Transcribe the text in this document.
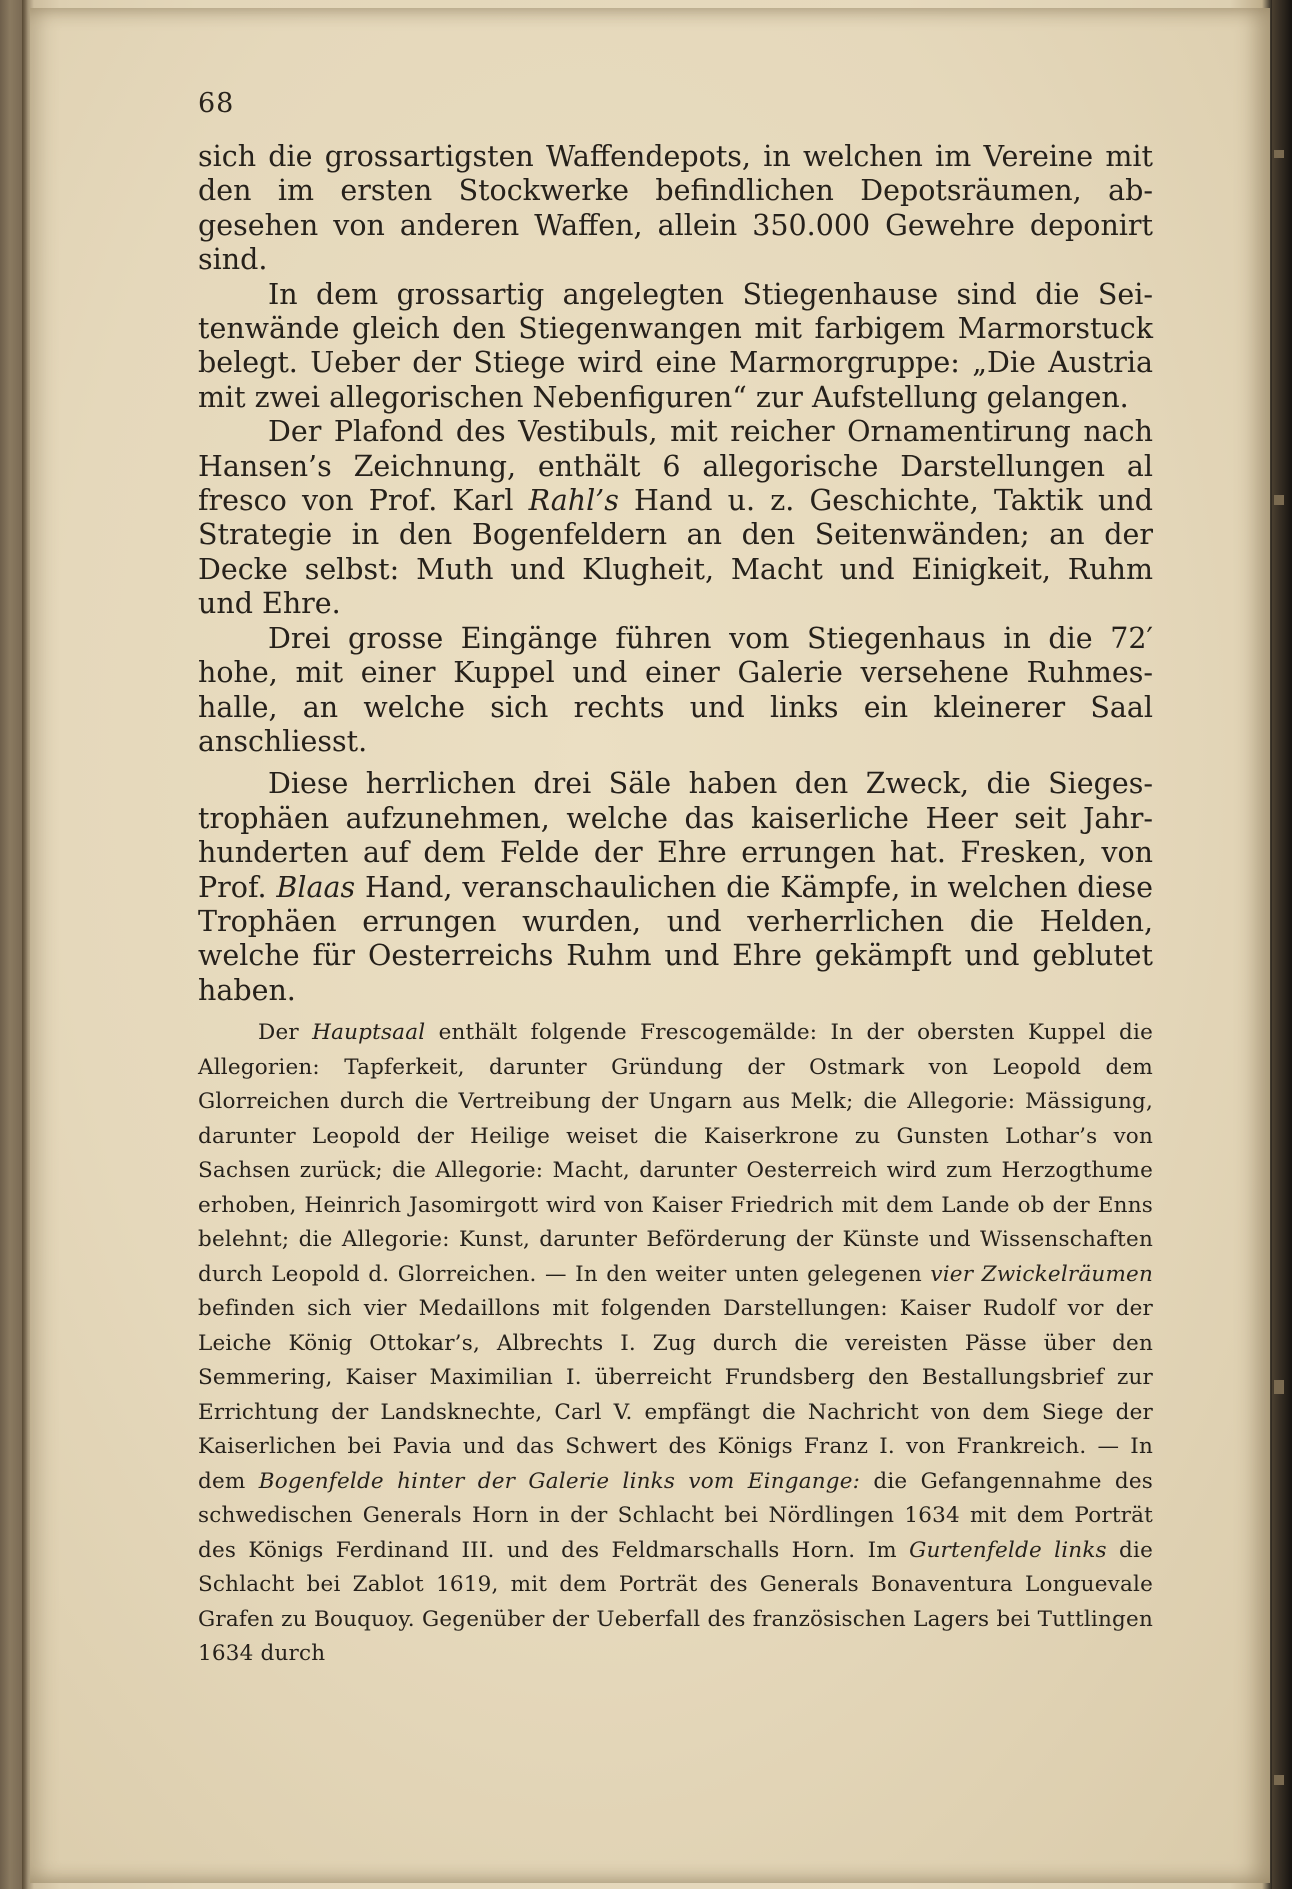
68

sich die grossartigsten Waffendepots, in welchen im Vereine mit den im ersten Stockwerke befindlichen Depotsräumen, abgesehen von anderen Waffen, allein 350.000 Gewehre deponirt sind.

In dem grossartig angelegten Stiegenhause sind die Seitenwände gleich den Stiegenwangen mit farbigem Marmorstuck belegt. Ueber der Stiege wird eine Marmorgruppe: „Die Austria mit zwei allegorischen Nebenfiguren“ zur Aufstellung gelangen.

Der Plafond des Vestibuls, mit reicher Ornamentirung nach Hansen’s Zeichnung, enthält 6 allegorische Darstellungen al fresco von Prof. Karl Rahl’s Hand u. z. Geschichte, Taktik und Strategie in den Bogenfeldern an den Seitenwänden; an der Decke selbst: Muth und Klugheit, Macht und Einigkeit, Ruhm und Ehre.

Drei grosse Eingänge führen vom Stiegenhaus in die 72′ hohe, mit einer Kuppel und einer Galerie versehene Ruhmeshalle, an welche sich rechts und links ein kleinerer Saal anschliesst.

Diese herrlichen drei Säle haben den Zweck, die Siegestrophäen aufzunehmen, welche das kaiserliche Heer seit Jahrhunderten auf dem Felde der Ehre errungen hat. Fresken, von Prof. Blaas Hand, veranschaulichen die Kämpfe, in welchen diese Trophäen errungen wurden, und verherrlichen die Helden, welche für Oesterreichs Ruhm und Ehre gekämpft und geblutet haben.

Der Hauptsaal enthält folgende Frescogemälde: In der obersten Kuppel die Allegorien: Tapferkeit, darunter Gründung der Ostmark von Leopold dem Glorreichen durch die Vertreibung der Ungarn aus Melk; die Allegorie: Mässigung, darunter Leopold der Heilige weiset die Kaiserkrone zu Gunsten Lothar’s von Sachsen zurück; die Allegorie: Macht, darunter Oesterreich wird zum Herzogthume erhoben, Heinrich Jasomirgott wird von Kaiser Friedrich mit dem Lande ob der Enns belehnt; die Allegorie: Kunst, darunter Beförderung der Künste und Wissenschaften durch Leopold d. Glorreichen. — In den weiter unten gelegenen vier Zwickelräumen befinden sich vier Medaillons mit folgenden Darstellungen: Kaiser Rudolf vor der Leiche König Ottokar’s, Albrechts I. Zug durch die vereisten Pässe über den Semmering, Kaiser Maximilian I. überreicht Frundsberg den Bestallungsbrief zur Errichtung der Landsknechte, Carl V. empfängt die Nachricht von dem Siege der Kaiserlichen bei Pavia und das Schwert des Königs Franz I. von Frankreich. — In dem Bogenfelde hinter der Galerie links vom Eingange: die Gefangennahme des schwedischen Generals Horn in der Schlacht bei Nördlingen 1634 mit dem Porträt des Königs Ferdinand III. und des Feldmarschalls Horn. Im Gurtenfelde links die Schlacht bei Zablot 1619, mit dem Porträt des Generals Bonaventura Longuevale Grafen zu Bouquoy. Gegenüber der Ueberfall des französischen Lagers bei Tuttlingen 1634 durch
